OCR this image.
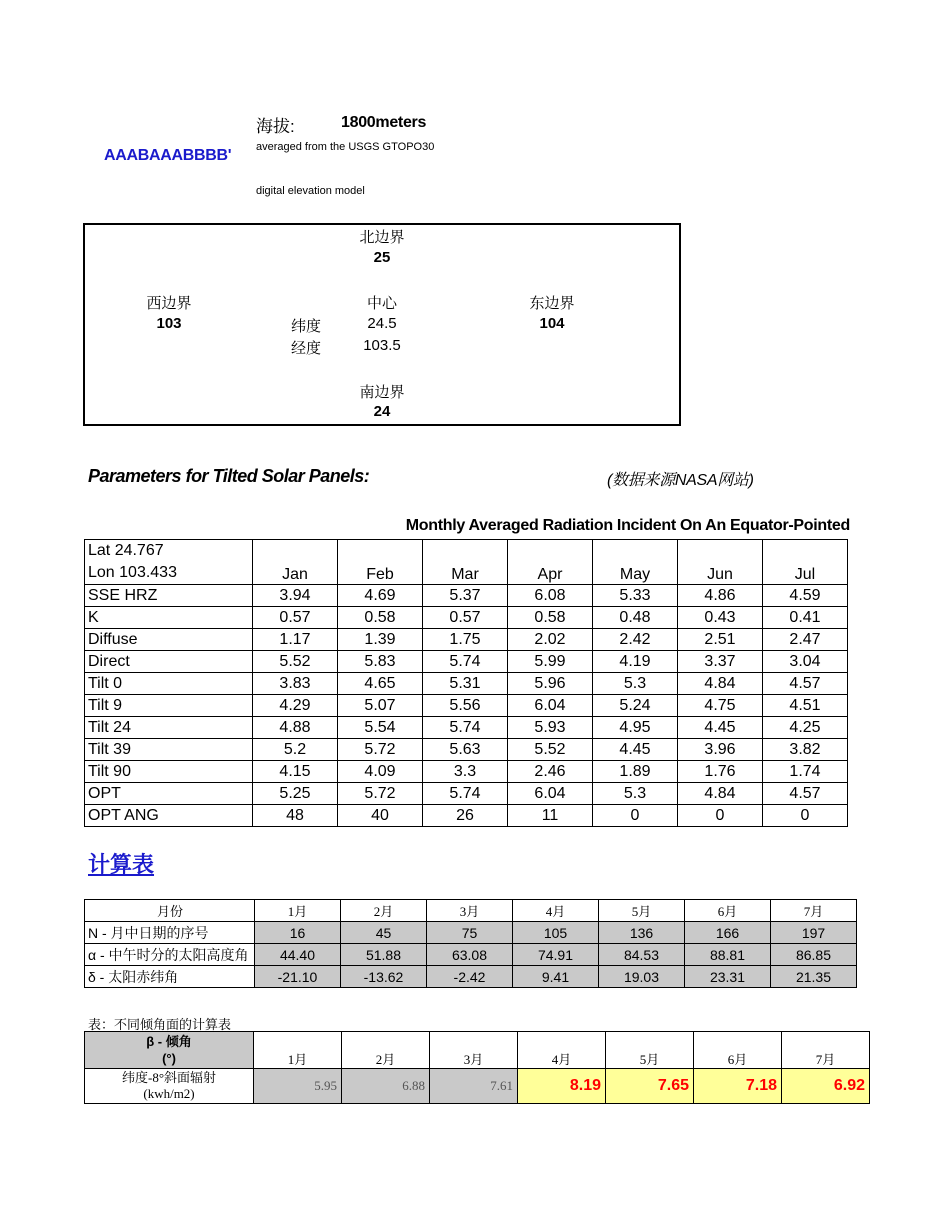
AAABAAABBBB'
海拔:	1800meters
averaged from the USGS GTOPO30
digital elevation model
北边界
25
西边界
103
中心
纬度	24.5
经度	103.5
东边界
104
南边界
24
Parameters for Tilted Solar Panels:	(数据来源NASA网站)
Monthly Averaged Radiation Incident On An Equator-Pointed
Lat 24.767
Lon 103.433	Jan	Feb	Mar	Apr	May	Jun	Jul
SSE HRZ	3.94	4.69	5.37	6.08	5.33	4.86	4.59
K	0.57	0.58	0.57	0.58	0.48	0.43	0.41
Diffuse	1.17	1.39	1.75	2.02	2.42	2.51	2.47
Direct	5.52	5.83	5.74	5.99	4.19	3.37	3.04
Tilt 0	3.83	4.65	5.31	5.96	5.3	4.84	4.57
Tilt 9	4.29	5.07	5.56	6.04	5.24	4.75	4.51
Tilt 24	4.88	5.54	5.74	5.93	4.95	4.45	4.25
Tilt 39	5.2	5.72	5.63	5.52	4.45	3.96	3.82
Tilt 90	4.15	4.09	3.3	2.46	1.89	1.76	1.74
OPT	5.25	5.72	5.74	6.04	5.3	4.84	4.57
OPT ANG	48	40	26	11	0	0	0
计算表
月份	1月	2月	3月	4月	5月	6月	7月
N - 月中日期的序号	16	45	75	105	136	166	197
α - 中午时分的太阳高度角	44.40	51.88	63.08	74.91	84.53	88.81	86.85
δ - 太阳赤纬角	-21.10	-13.62	-2.42	9.41	19.03	23.31	21.35
表：不同倾角面的计算表
β - 倾角
(°)	1月	2月	3月	4月	5月	6月	7月

纬度-8°斜面辐射
(kwh/m2)	5.95	6.88	7.61	8.19	7.65	7.18	6.92
